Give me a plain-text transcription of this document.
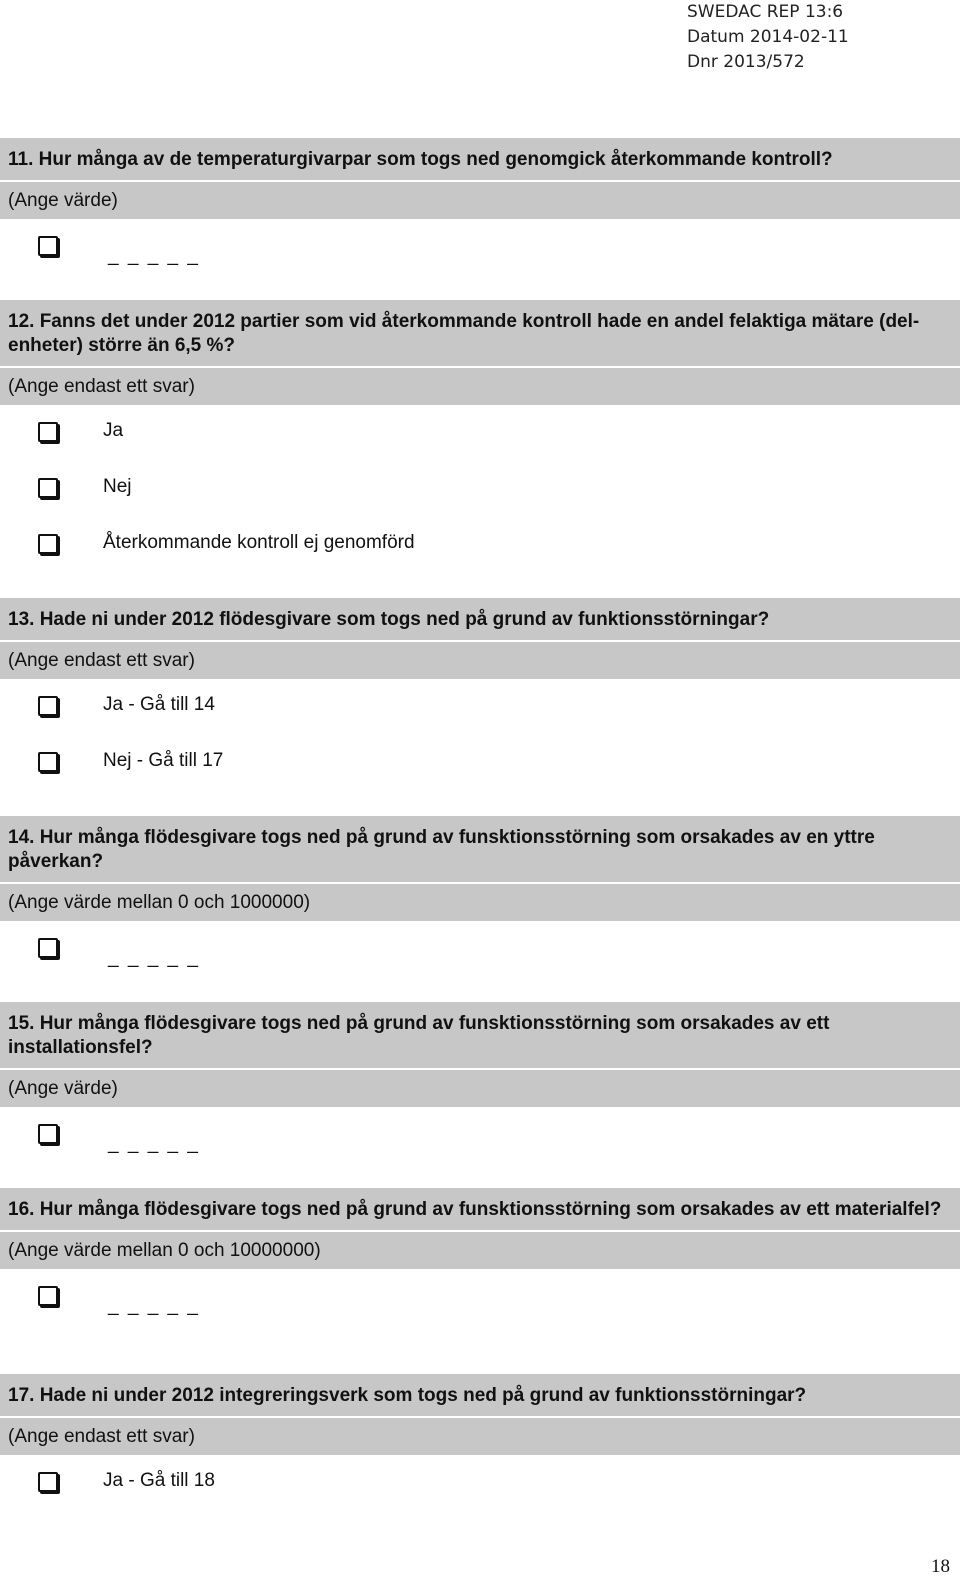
SWEDAC REP 13:6
Datum 2014-02-11
Dnr 2013/572
11. Hur många av de temperaturgivarpar som togs ned genomgick återkommande kontroll?
(Ange värde)
_ _ _ _ _
12. Fanns det under 2012 partier som vid återkommande kontroll hade en andel felaktiga mätare (del-enheter) större än 6,5 %?
(Ange endast ett svar)
Ja
Nej
Återkommande kontroll ej genomförd
13. Hade ni under 2012 flödesgivare som togs ned på grund av funktionsstörningar?
(Ange endast ett svar)
Ja - Gå till 14
Nej - Gå till 17
14. Hur många flödesgivare togs ned på grund av funsktionsstörning som orsakades av en yttre påverkan?
(Ange värde mellan 0 och 1000000)
_ _ _ _ _
15. Hur många flödesgivare togs ned på grund av funsktionsstörning som orsakades av ett installationsfel?
(Ange värde)
_ _ _ _ _
16. Hur många flödesgivare togs ned på grund av funsktionsstörning som orsakades av ett materialfel?
(Ange värde mellan 0 och 10000000)
_ _ _ _ _
17. Hade ni under 2012 integreringsverk som togs ned på grund av funktionsstörningar?
(Ange endast ett svar)
Ja - Gå till 18
18
